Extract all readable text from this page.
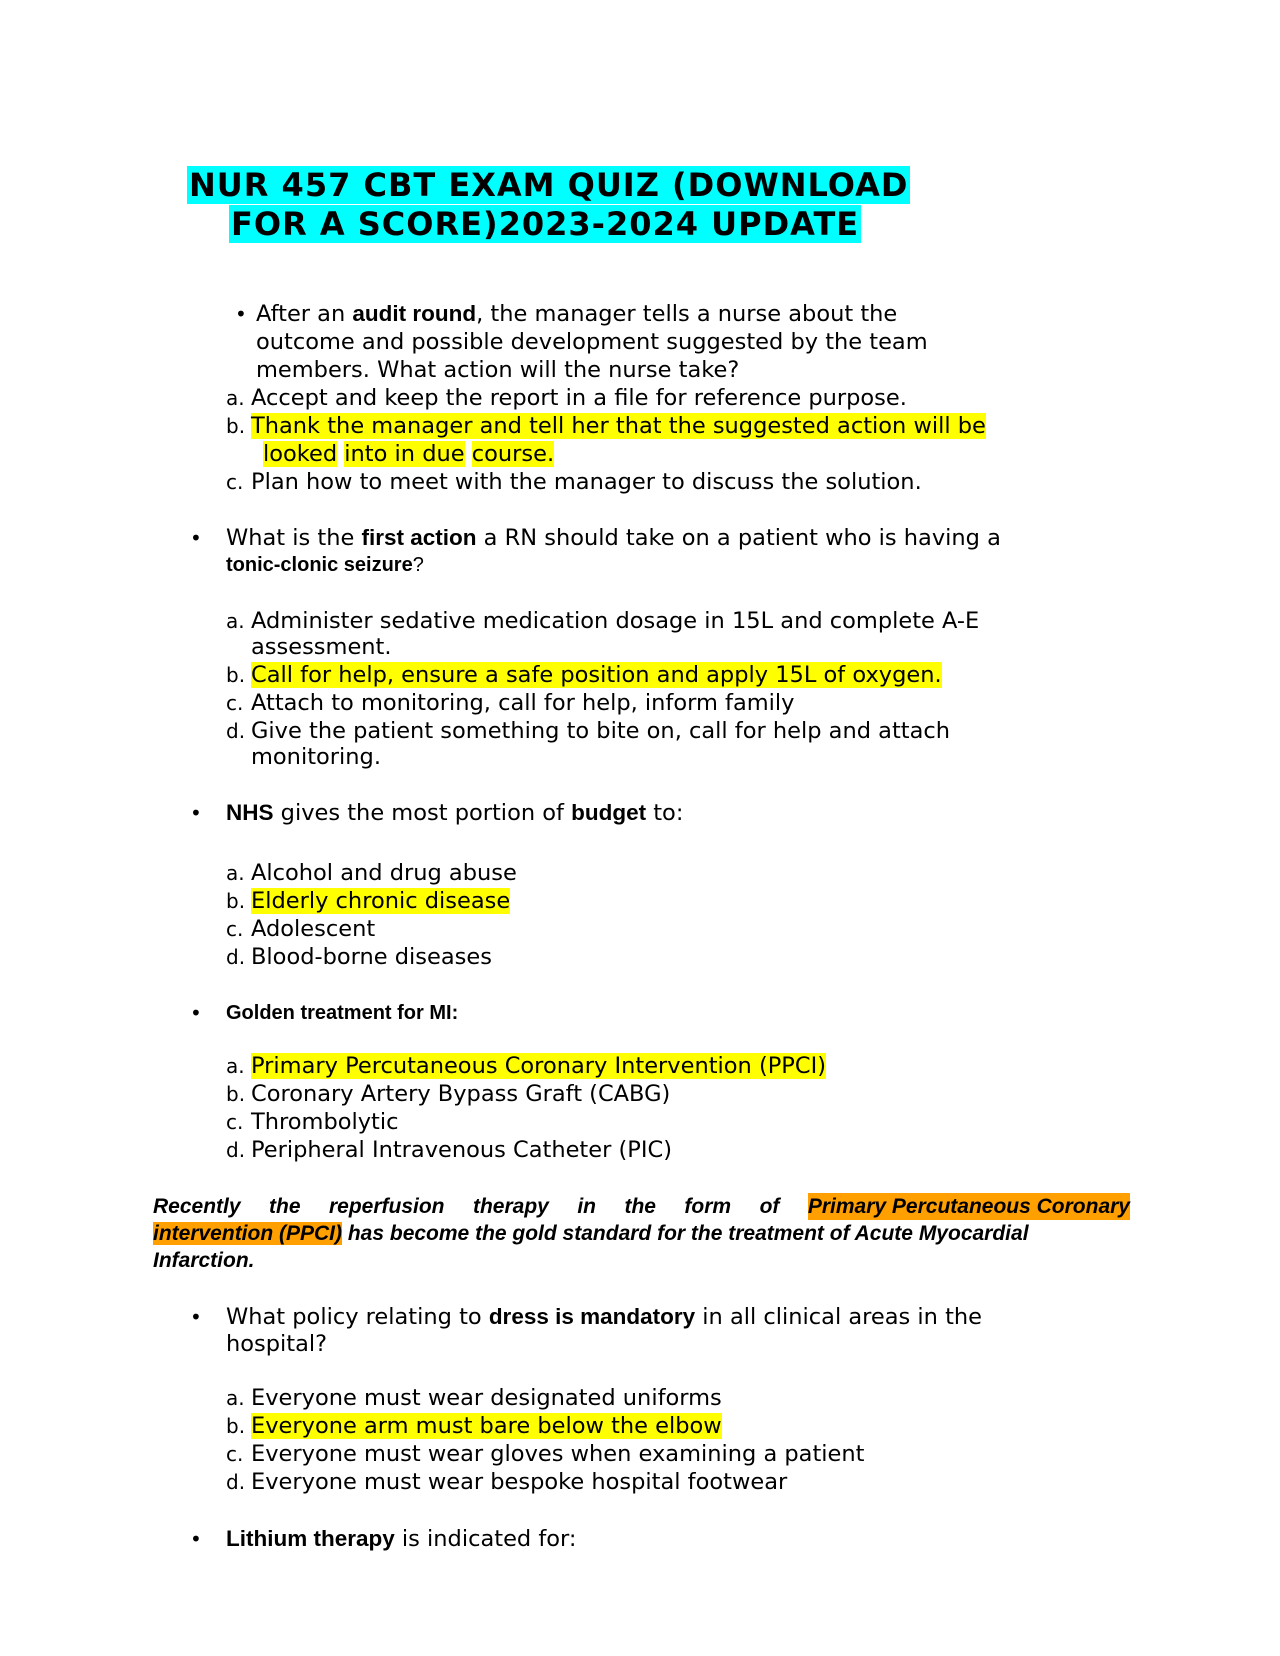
NUR 457 CBT EXAM QUIZ (DOWNLOAD
FOR A SCORE)2023-2024 UPDATE
• After an audit round, the manager tells a nurse about the
outcome and possible development suggested by the team
members. What action will the nurse take?
a. Accept and keep the report in a file for reference purpose.
b. Thank the manager and tell her that the suggested action will be
looked into in due course.
c. Plan how to meet with the manager to discuss the solution.
• What is the first action a RN should take on a patient who is having a
tonic-clonic seizure?
a. Administer sedative medication dosage in 15L and complete A-E
assessment.
b. Call for help, ensure a safe position and apply 15L of oxygen.
c. Attach to monitoring, call for help, inform family
d. Give the patient something to bite on, call for help and attach
monitoring.
• NHS gives the most portion of budget to:
a. Alcohol and drug abuse
b. Elderly chronic disease
c. Adolescent
d. Blood-borne diseases
• Golden treatment for MI:
a. Primary Percutaneous Coronary Intervention (PPCI)
b. Coronary Artery Bypass Graft (CABG)
c. Thrombolytic
d. Peripheral Intravenous Catheter (PIC)
Recently the reperfusion therapy in the form of Primary Percutaneous Coronary
intervention (PPCI) has become the gold standard for the treatment of Acute Myocardial
Infarction.
• What policy relating to dress is mandatory in all clinical areas in the
hospital?
a. Everyone must wear designated uniforms
b. Everyone arm must bare below the elbow
c. Everyone must wear gloves when examining a patient
d. Everyone must wear bespoke hospital footwear
• Lithium therapy is indicated for:
